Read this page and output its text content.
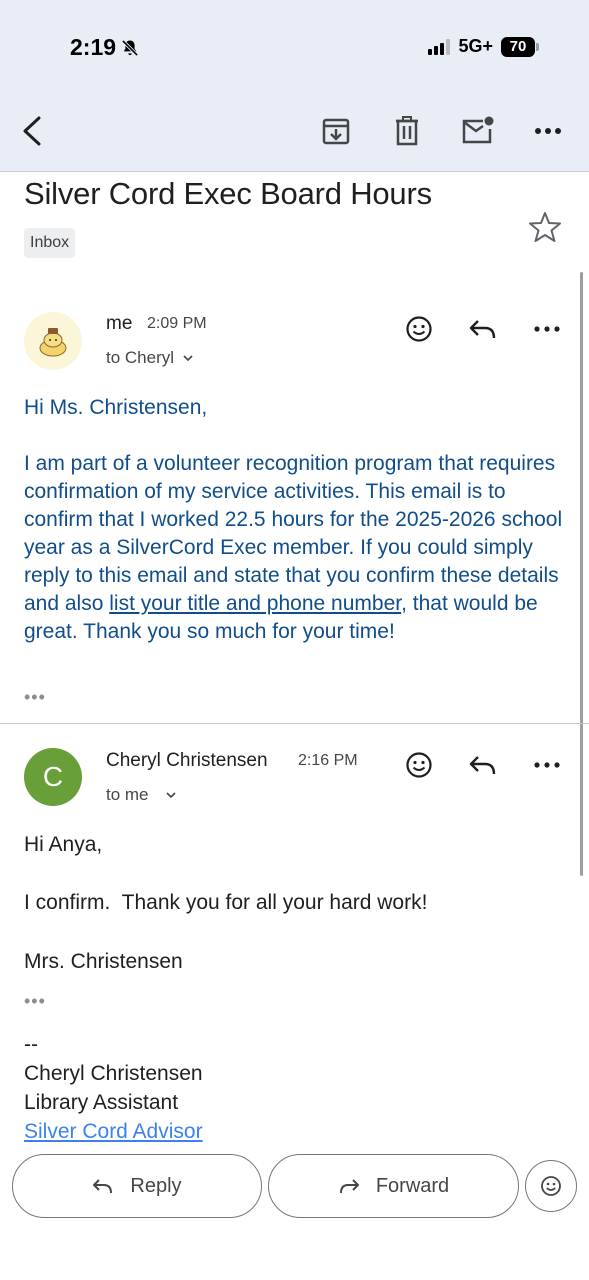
2:19	5G+	70
Silver Cord Exec Board Hours
Inbox
me 2:09 PM
to Cheryl

Hi Ms. Christensen,

I am part of a volunteer recognition program that requires confirmation of my service activities. This email is to confirm that I worked 22.5 hours for the 2025-2026 school year as a SilverCord Exec member. If you could simply reply to this email and state that you confirm these details and also list your title and phone number, that would be great. Thank you so much for your time!

•••
C
Cheryl Christensen 2:16 PM
to me
Hi Anya,
I confirm.  Thank you for all your hard work!
Mrs. Christensen
•••
--
Cheryl Christensen
Library Assistant
Silver Cord Advisor
Reply	Forward
